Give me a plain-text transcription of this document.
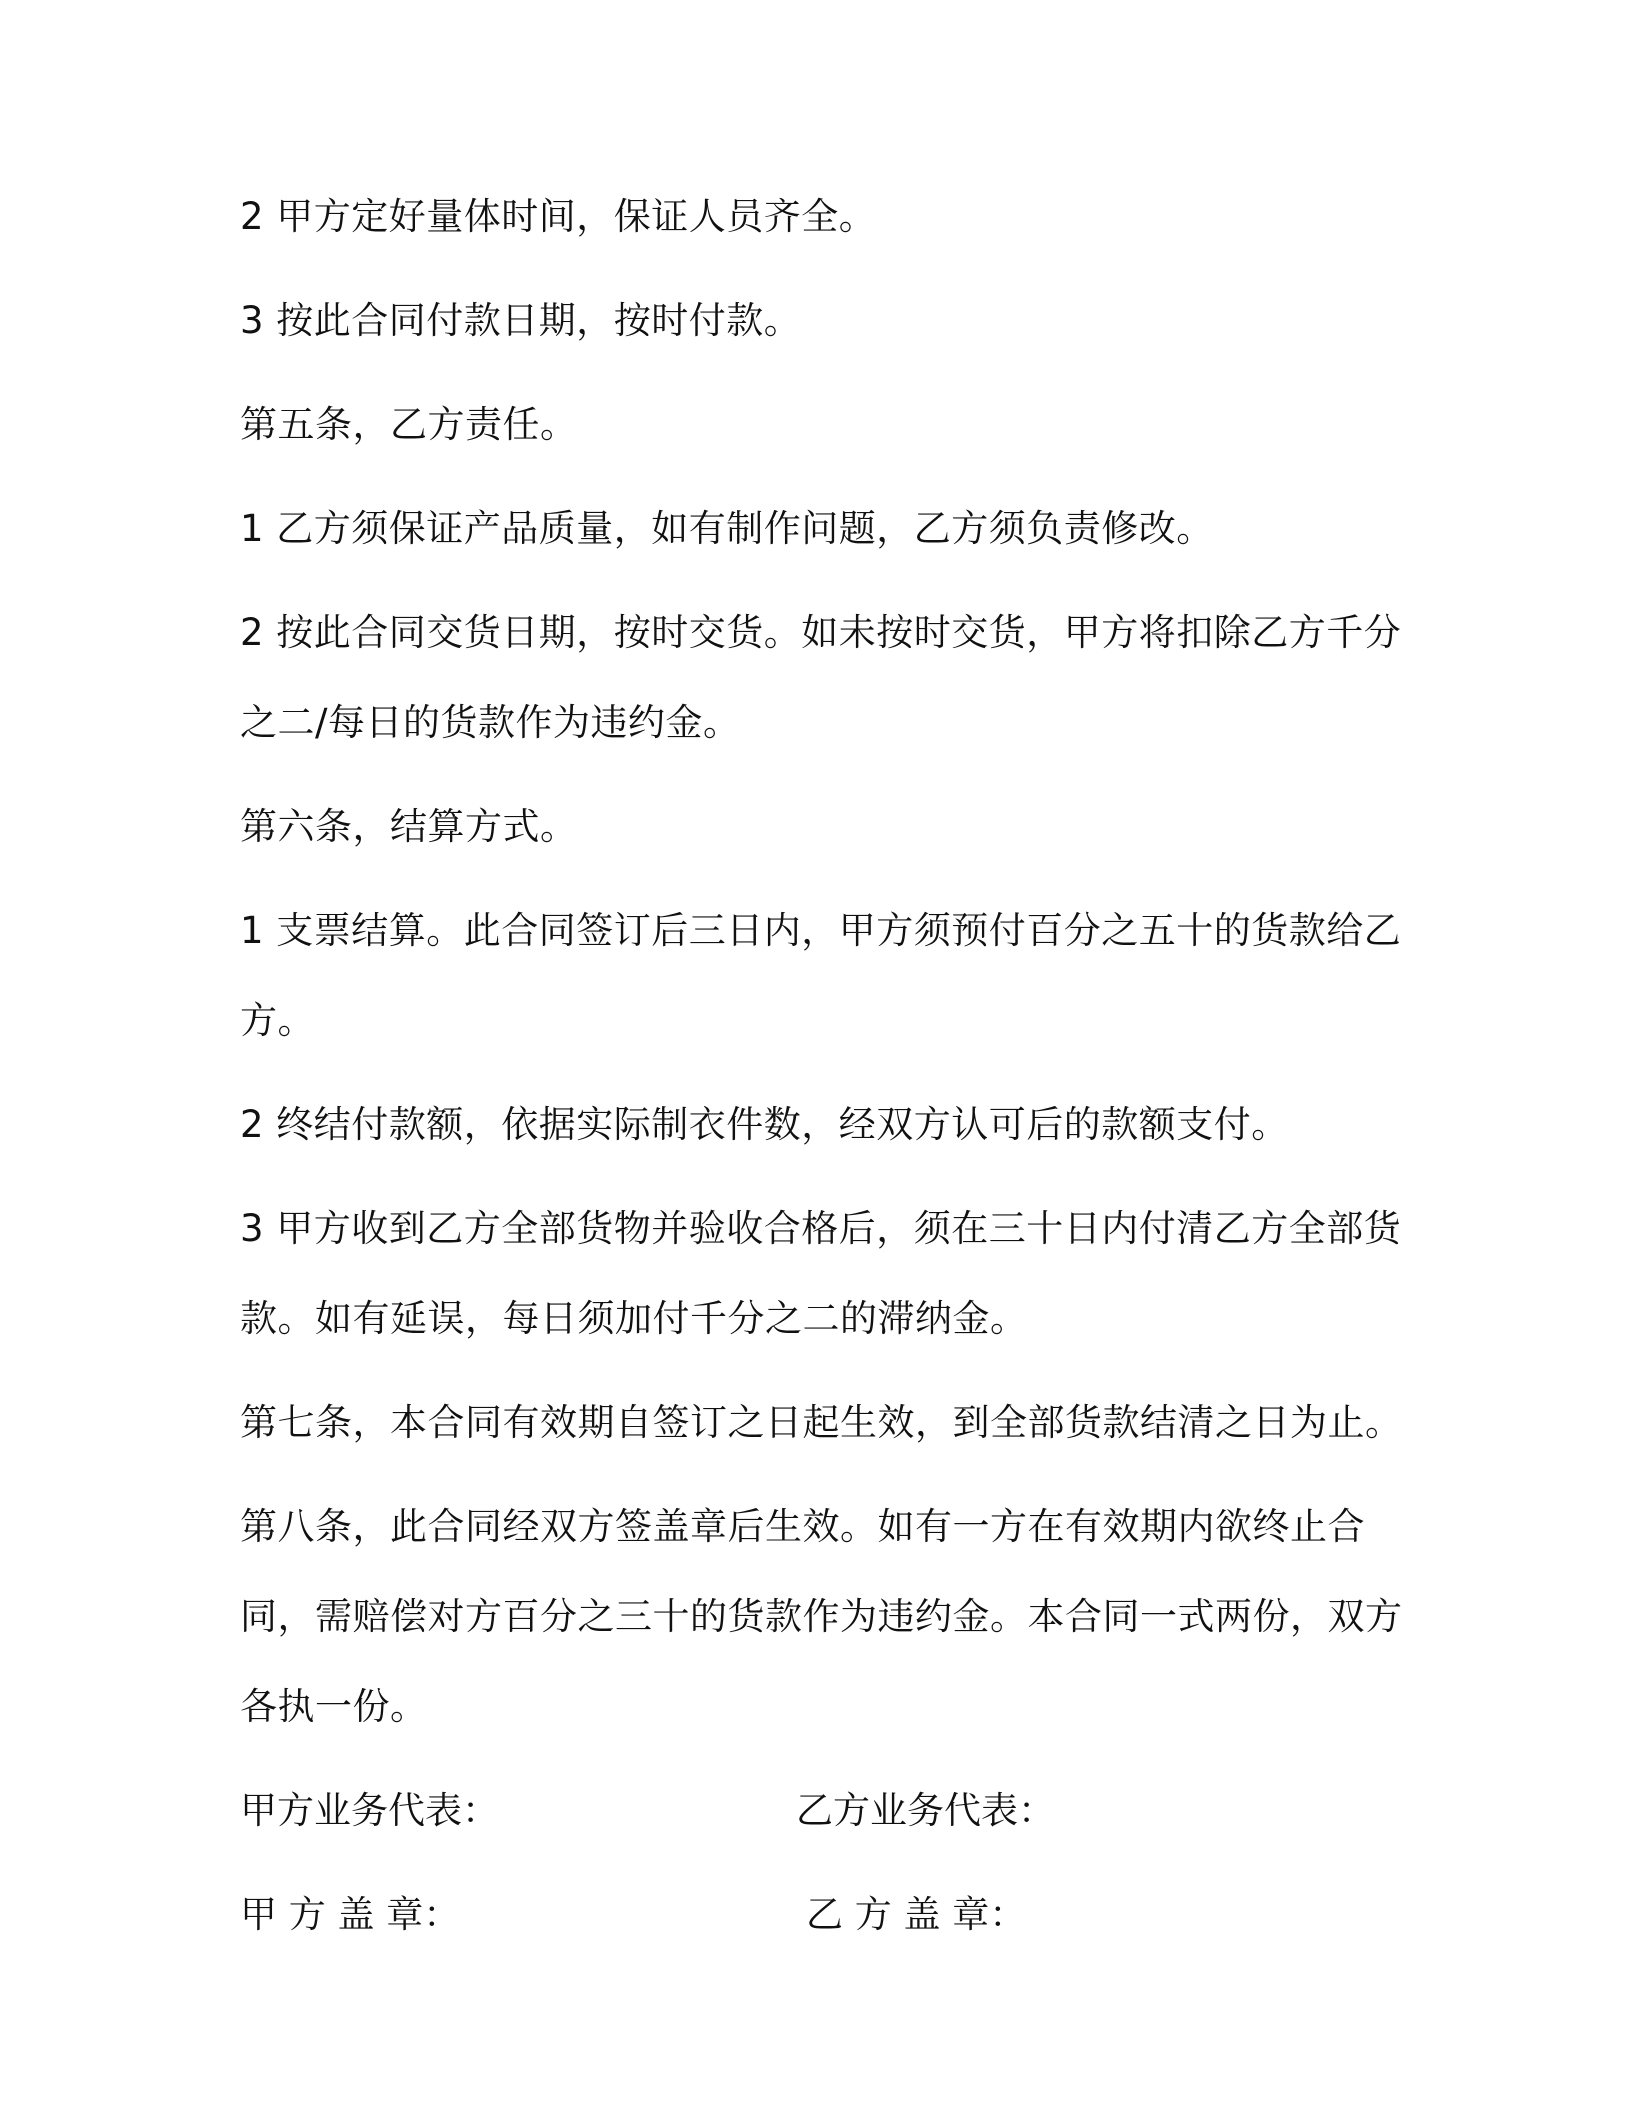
2 甲方定好量体时间，保证人员齐全。

3 按此合同付款日期，按时付款。

第五条，乙方责任。

1 乙方须保证产品质量，如有制作问题，乙方须负责修改。

2 按此合同交货日期，按时交货。如未按时交货，甲方将扣除乙方千分之二/每日的货款作为违约金。

第六条，结算方式。

1 支票结算。此合同签订后三日内，甲方须预付百分之五十的货款给乙方。

2 终结付款额，依据实际制衣件数，经双方认可后的款额支付。

3 甲方收到乙方全部货物并验收合格后，须在三十日内付清乙方全部货款。如有延误，每日须加付千分之二的滞纳金。

第七条，本合同有效期自签订之日起生效，到全部货款结清之日为止。

第八条，此合同经双方签盖章后生效。如有一方在有效期内欲终止合同，需赔偿对方百分之三十的货款作为违约金。本合同一式两份，双方各执一份。

甲方业务代表：	乙方业务代表：
甲 方 盖 章：	乙 方 盖 章：
